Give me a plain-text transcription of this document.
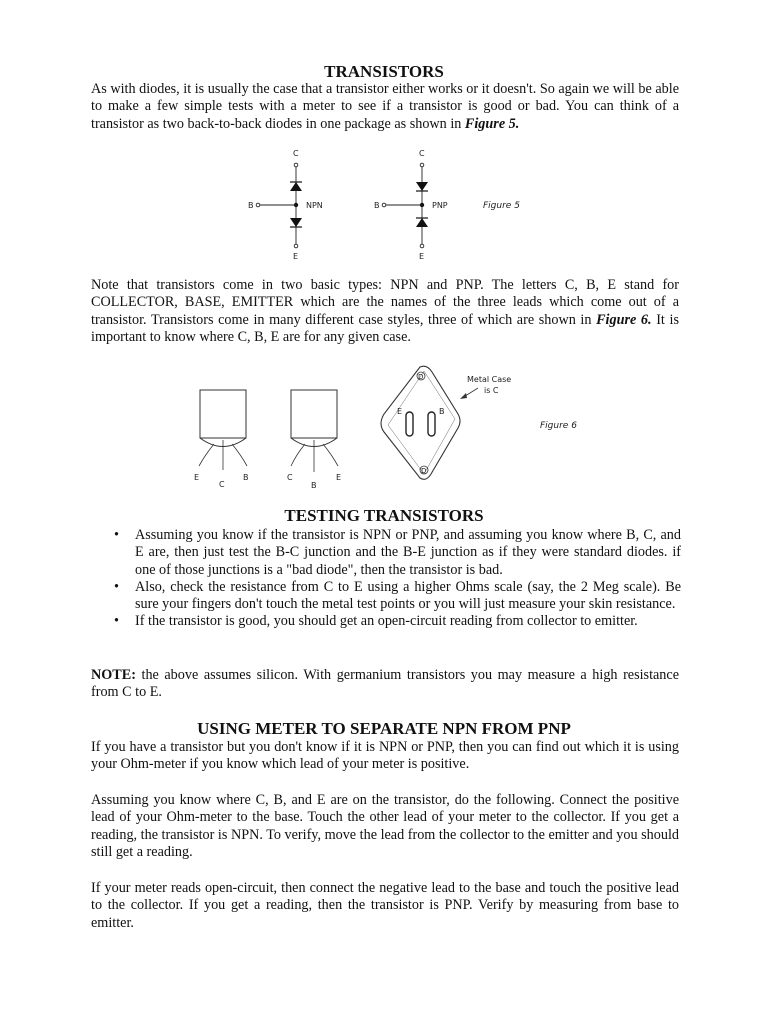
TRANSISTORS

As with diodes, it is usually the case that a transistor either works or it doesn't. So again we will be able to make a few simple tests with a meter to see if a transistor is good or bad. You can think of a transistor as two back-to-back diodes in one package as shown in Figure 5.

C
B	NPN
E
C
B	PNP
E
Figure 5

Note that transistors come in two basic types: NPN and PNP. The letters C, B, E stand for COLLECTOR, BASE, EMITTER which are the names of the three leads which come out of a transistor. Transistors come in many different case styles, three of which are shown in Figure 6. It is important to know where C, B, E are for any given case.

E
C
B	C
B
E
D
D
E	B
Metal Case
is C
Figure 6
TESTING TRANSISTORS
• Assuming you know if the transistor is NPN or PNP, and assuming you know where B, C, and E are, then just test the B-C junction and the B-E junction as if they were standard diodes. if one of those junctions is a "bad diode", then the transistor is bad.
• Also, check the resistance from C to E using a higher Ohms scale (say, the 2 Meg scale). Be sure your fingers don't touch the metal test points or you will just measure your skin resistance.
• If the transistor is good, you should get an open-circuit reading from collector to emitter.

NOTE: the above assumes silicon. With germanium transistors you may measure a high resistance from C to E.

USING METER TO SEPARATE NPN FROM PNP

If you have a transistor but you don't know if it is NPN or PNP, then you can find out which it is using your Ohm-meter if you know which lead of your meter is positive.

Assuming you know where C, B, and E are on the transistor, do the following. Connect the positive lead of your Ohm-meter to the base. Touch the other lead of your meter to the collector. If you get a reading, the transistor is NPN. To verify, move the lead from the collector to the emitter and you should still get a reading.

If your meter reads open-circuit, then connect the negative lead to the base and touch the positive lead to the collector. If you get a reading, then the transistor is PNP. Verify by measuring from base to emitter.
